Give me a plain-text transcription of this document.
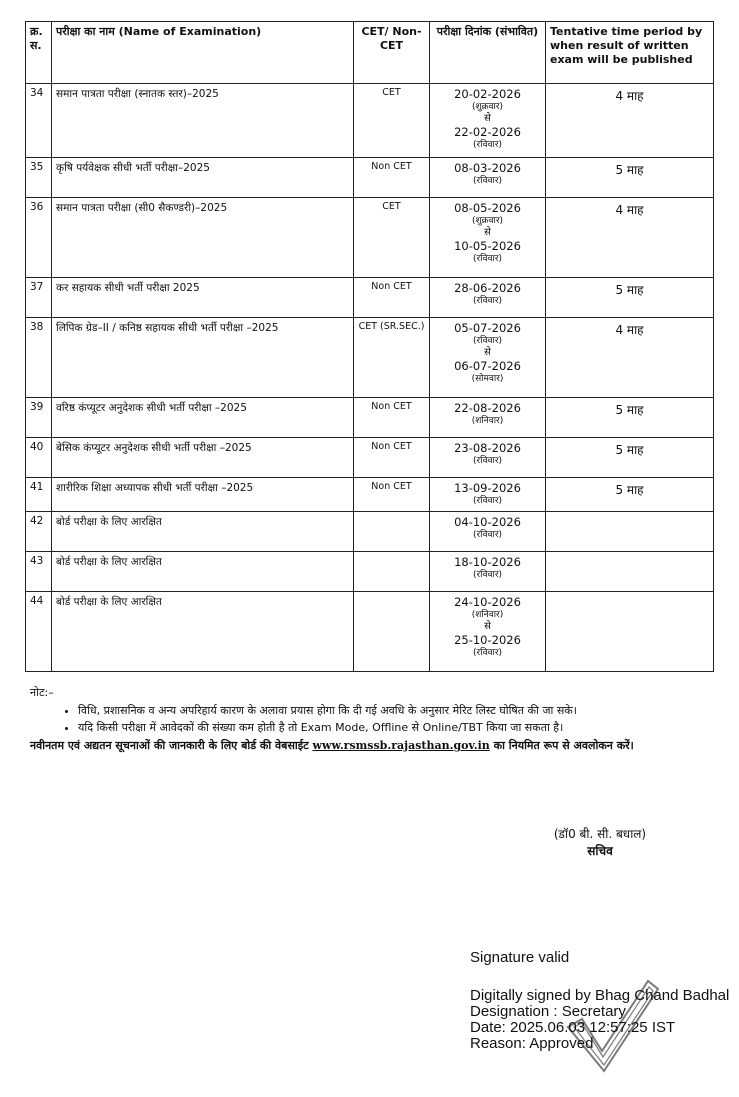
क्र. स.	परीक्षा का नाम (Name of Examination)	CET/ Non-CET	परीक्षा दिनांक (संभावित)	Tentative time period by when result of written exam will be published
34	समान पात्रता परीक्षा (स्नातक स्तर)–2025	CET	20-02-2026
(शुक्रवार)
से
22-02-2026
(रविवार)	4 माह
35	कृषि पर्यवेक्षक सीधी भर्ती परीक्षा–2025	Non CET	08-03-2026
(रविवार)	5 माह
36	समान पात्रता परीक्षा (सी0 सैकण्डरी)–2025	CET	08-05-2026
(शुक्रवार)
से
10-05-2026
(रविवार)	4 माह
37	कर सहायक सीधी भर्ती परीक्षा 2025	Non CET	28-06-2026
(रविवार)	5 माह
38	लिपिक ग्रेड–II / कनिष्ठ सहायक सीधी भर्ती परीक्षा –2025	CET (SR.SEC.)	05-07-2026
(रविवार)
से
06-07-2026
(सोमवार)	4 माह
39	वरिष्ठ कंप्यूटर अनुदेशक सीधी भर्ती परीक्षा –2025	Non CET	22-08-2026
(शनिवार)	5 माह
40	बेसिक कंप्यूटर अनुदेशक सीधी भर्ती परीक्षा –2025	Non CET	23-08-2026
(रविवार)	5 माह
41	शारीरिक शिक्षा अध्यापक सीधी भर्ती परीक्षा –2025	Non CET	13-09-2026
(रविवार)	5 माह
42	बोर्ड परीक्षा के लिए आरक्षित		04-10-2026
(रविवार)	

43	बोर्ड परीक्षा के लिए आरक्षित		18-10-2026
(रविवार)	

44	बोर्ड परीक्षा के लिए आरक्षित		24-10-2026
(शनिवार)
से
25-10-2026
(रविवार)	

नोट:–
• विधि, प्रशासनिक व अन्य अपरिहार्य कारण के अलावा प्रयास होगा कि दी गई अवधि के अनुसार मेरिट लिस्ट घोषित की जा सके।
• यदि किसी परीक्षा में आवेदकों की संख्या कम होती है तो Exam Mode, Offline से Online/TBT किया जा सकता है।
नवीनतम एवं अद्यतन सूचनाओं की जानकारी के लिए बोर्ड की वेबसाईट www.rsmssb.rajasthan.gov.in का नियमित रूप से अवलोकन करें।
(डॉ0 बी. सी. बधाल)
सचिव
Signature valid
Digitally signed by Bhag Chand Badhal
Designation : Secretary
Date: 2025.06.03 12:57:25 IST
Reason: Approved
